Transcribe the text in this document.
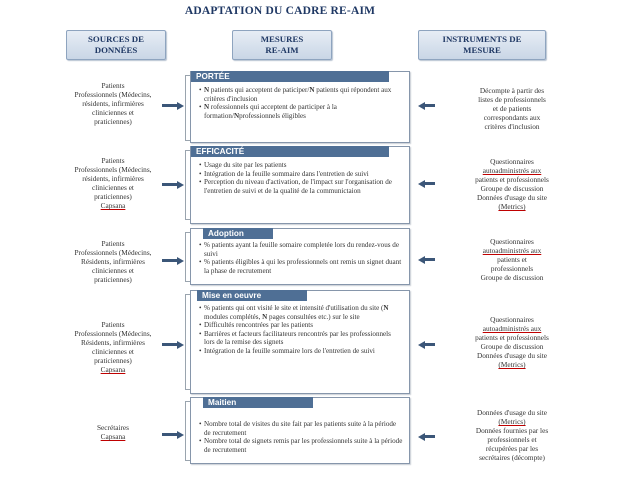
ADAPTATION DU CADRE RE-AIM
SOURCES DE
DONNÉES
MESURES
RE-AIM
INSTRUMENTS DE
MESURE
Patients
Professionnels (Médecins,
résidents, infirmières
cliniciennes et
praticiennes)
PORTÉE
• N patients qui acceptent de paticiper/N patients qui répondent aux critères d'inclusion
• N rofessionnels qui acceptent de participer à la formation/Nprofessionnels éligibles
Décompte à partir des
listes de professionnels
et de patients
correspondants aux
critères d'inclusion
Patients
Professionnels (Médecins,
résidents, infirmières
cliniciennes et
praticiennes)
Capsana
EFFICACITÉ
• Usage du site par les patients
• Intégration de la feuille sommaire dans l'entretien de suivi
• Perception du niveau d'activation, de l'impact sur l'organisation de l'entretien de suivi et de la qualité de la communictaion
Questionnaires
autoadministrés aux
patients et professionnels
Groupe de discussion
Données d'usage du site
(Metrics)
Patients
Professionnels (Médecins,
Résidents, infirmières
cliniciennes et
praticiennes)
Adoption
• % patients ayant la feuille somaire completée lors du rendez-vous de suivi
• % patients éligibles à qui les professionnels ont remis un signet duant la phase de recrutement
Questionnaires
autoadministrés aux
patients et
professionnels
Groupe de discussion
Patients
Professionnels (Médecins,
Résidents, infirmières
cliniciennes et
praticiennes)
Capsana
Mise en oeuvre
• % patients qui ont visité le site et intensité d'utilisation du site (N modules complétés, N pages consultées etc.) sur le site
• Difficultés rencontrées par les patients
• Barrières et facteurs facilitateurs rencontrés par les professionnels lors de la remise des signets
• Intégration de la feuille sommaire lors de l'entretien de suivi
Questionnaires
autoadministrés aux
patients et professionnels
Groupe de discussion
Données d'usage du site
(Metrics)
Secrétaires
Capsana
Maitien
• Nombre total de visites du site fait par les patients suite à la période de recrutement
• Nombre total de signets remis par les professionnels suite à la période de recrutement
Données d'usage du site
(Metrics)
Données fournies par les
professionnels et
récupérées par les
secrétaires (décompte)
